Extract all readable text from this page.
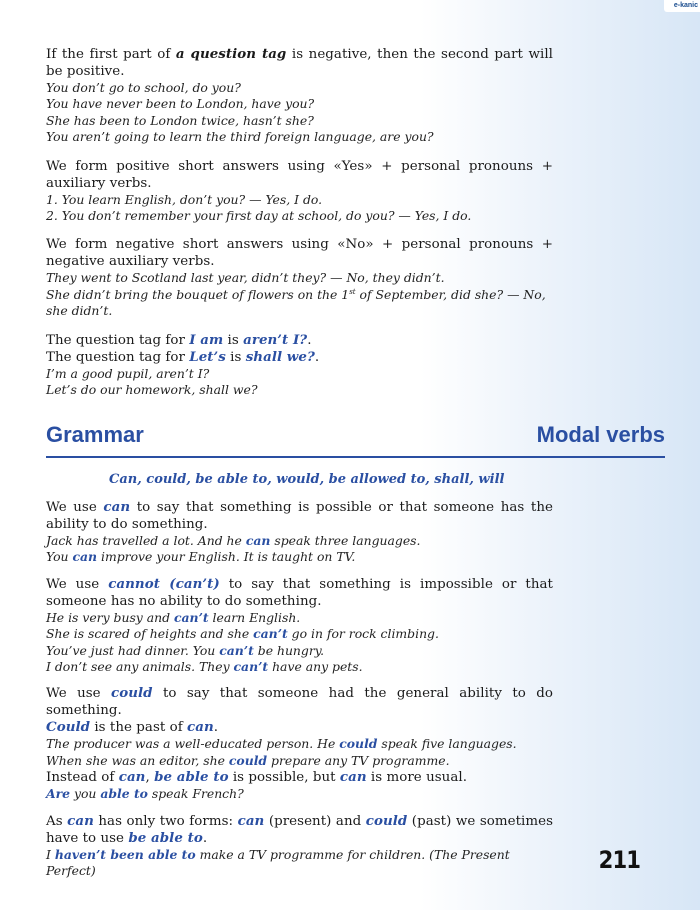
e-kanic

If the first part of a question tag is negative, then the second part will be positive.

You don’t go to school, do you?

You have never been to London, have you?

She has been to London twice, hasn’t she?

You aren’t going to learn the third foreign language, are you?

We form positive short answers using «Yes» + personal pronouns + auxiliary verbs.

1. You learn English, don’t you? — Yes, I do.

2. You don’t remember your first day at school, do you? — Yes, I do.

We form negative short answers using «No» + personal pronouns + negative auxiliary verbs.

They went to Scotland last year, didn’t they? — No, they didn’t.

She didn’t bring the bouquet of flowers on the 1st of September, did she? — No, she didn’t.

The question tag for I am is aren’t I?.

The question tag for Let’s is shall we?.

I’m a good pupil, aren’t I?

Let’s do our homework, shall we?

Grammar	Modal verbs

Can, could, be able to, would, be allowed to, shall, will

We use can to say that something is possible or that someone has the ability to do something.

Jack has travelled a lot. And he can speak three languages.

You can improve your English. It is taught on TV.

We use cannot (can’t) to say that something is impossible or that someone has no ability to do something.

He is very busy and can’t learn English.

She is scared of heights and she can’t go in for rock climbing.

You’ve just had dinner. You can’t be hungry.

I don’t see any animals. They can’t have any pets.

We use could to say that someone had the general ability to do something.

Could is the past of can.

The producer was a well-educated person. He could speak five languages.

When she was an editor, she could prepare any TV programme.

Instead of can, be able to is possible, but can is more usual.

Are you able to speak French?

As can has only two forms: can (present) and could (past) we sometimes have to use be able to.

I haven’t been able to make a TV programme for children. (The Present Perfect)	211
